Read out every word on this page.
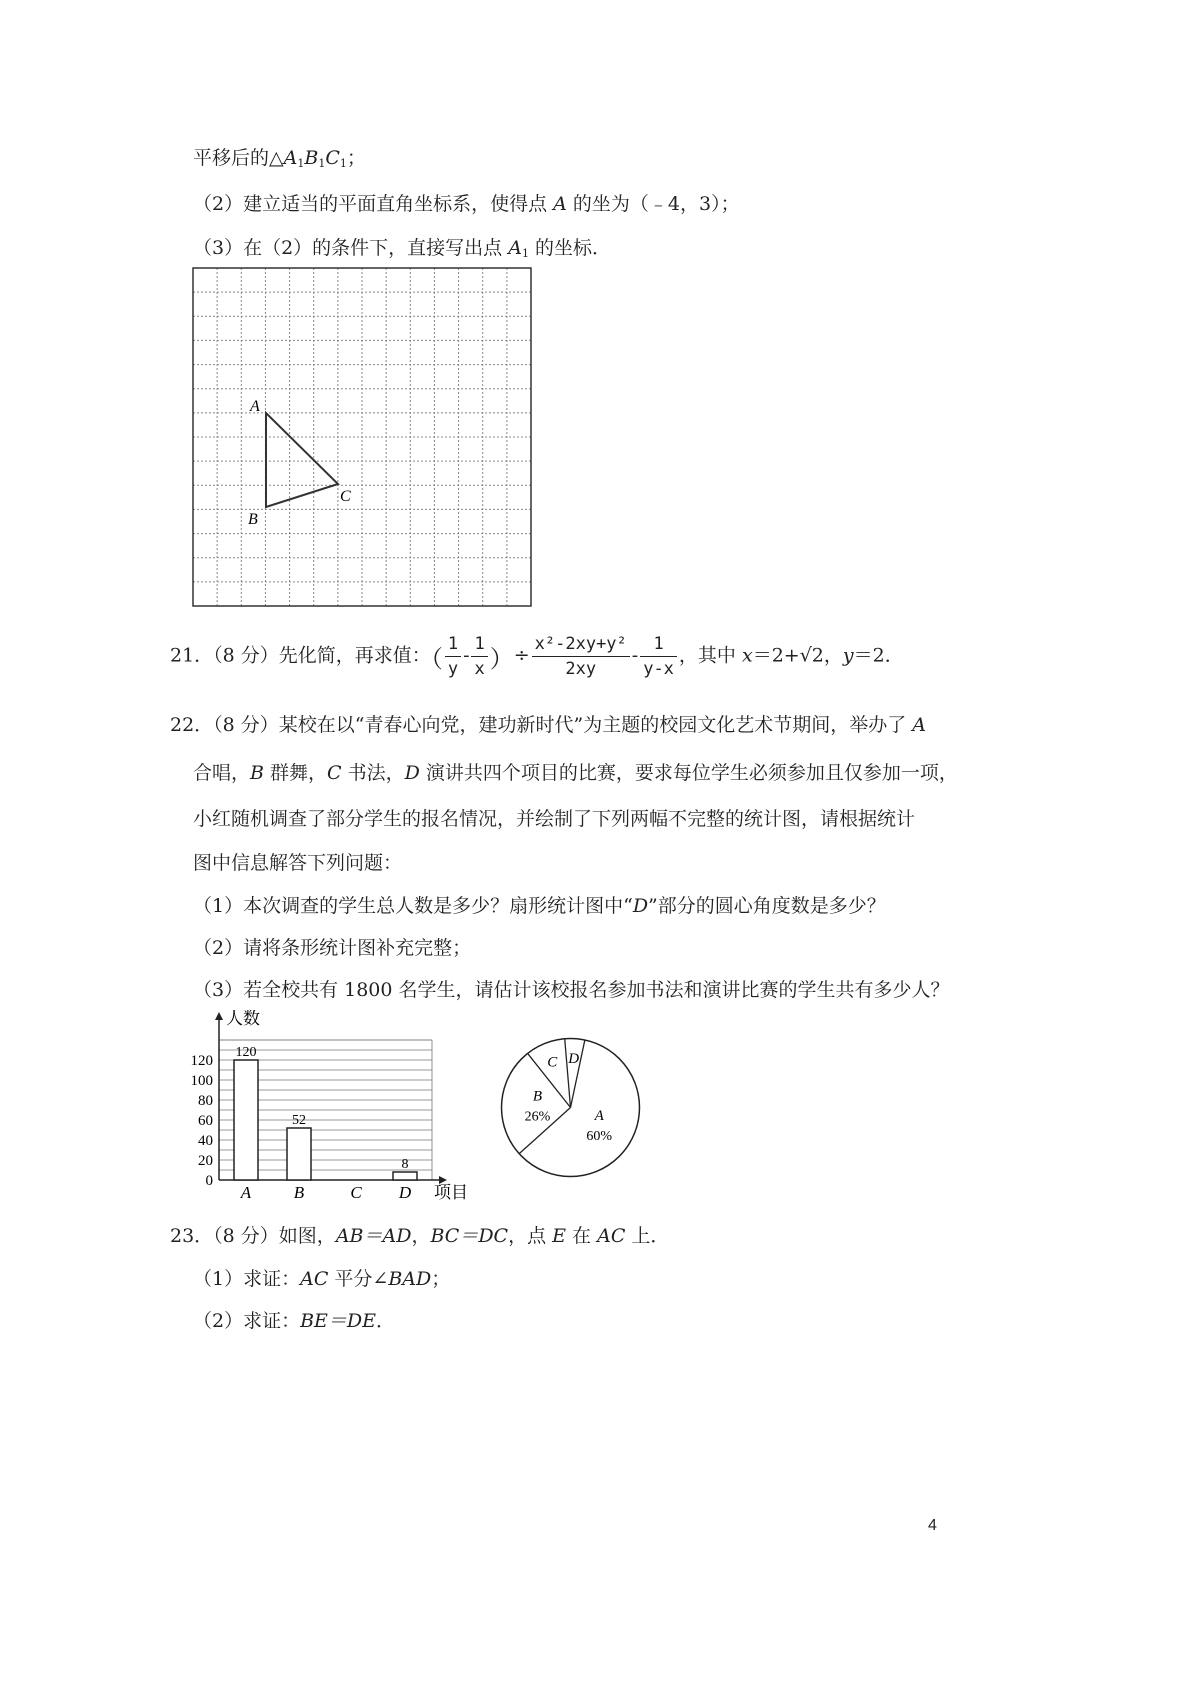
平移后的$\triangle A_1B_1C_1$；
（2）建立适当的平面直角坐标系，使得点 A 的坐为（﹣4，3）；
（3）在（2）的条件下，直接写出点 $A_1$ 的坐标．
A
B
C
21．（8 分）先化简，再求值：（ $\frac{1}{y} - \frac{1}{x}$ ）÷ $\frac{\text{x²-2xy+y²}}{2xy} - \frac{1}{y-x}$ ，其中 x＝2+√2，y＝2．
22．（8 分）某校在以“青春心向党，建功新时代”为主题的校园文化艺术节期间，举办了 A
合唱，B 群舞，C 书法，D 演讲共四个项目的比赛，要求每位学生必须参加且仅参加一项，
小红随机调查了部分学生的报名情况，并绘制了下列两幅不完整的统计图，请根据统计
图中信息解答下列问题：
（1）本次调查的学生总人数是多少？扇形统计图中“D”部分的圆心角度数是多少？
（2）请将条形统计图补充完整；
（3）若全校共有 1800 名学生，请估计该校报名参加书法和演讲比赛的学生共有多少人？
人数
项目
0
20
40
60
80
100
120
120
52
8
A	B	C D
A
60%
B
26%
C D
23．（8 分）如图，AB＝AD，BC＝DC，点 E 在 AC 上．
（1）求证：AC 平分∠BAD；
（2）求证：BE＝DE．
4
